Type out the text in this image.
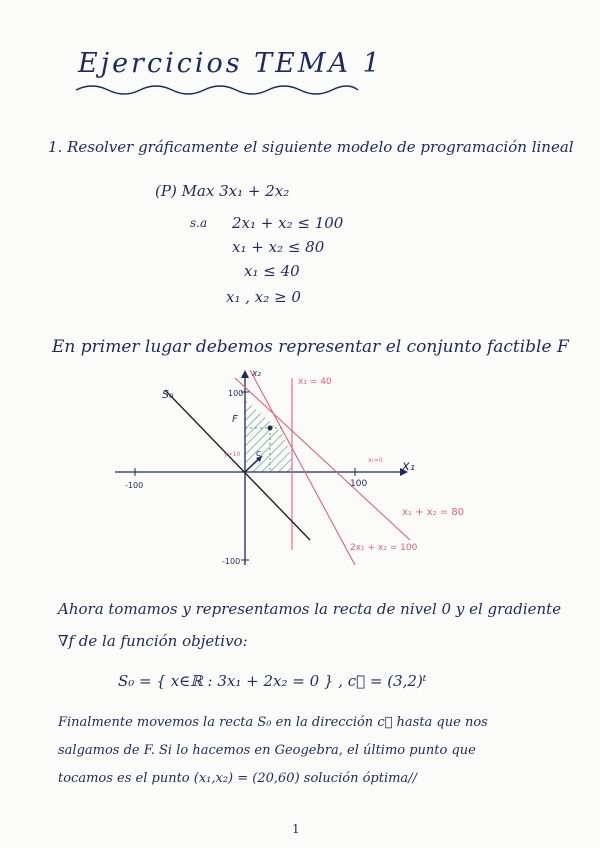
Ejercicios TEMA 1
1. Resolver gráficamente el siguiente modelo de programación lineal
(P) Max 3x₁ + 2x₂
s.a 2x₁ + x₂ ≤ 100
x₁ + x₂ ≤ 80
x₁ ≤ 40
x₁ , x₂ ≥ 0
En primer lugar debemos representar el conjunto factible F
x₁
x₂
100
-100
100
-100
y=10
x₁=0
S₀
F
c
x₁ = 40
x₁ + x₂ = 80
2x₁ + x₂ = 100
Ahora tomamos y representamos la recta de nivel 0 y el gradiente
∇f de la función objetivo:
S₀ = { x∈ℝ : 3x₁ + 2x₂ = 0 } , c⃗ = (3,2)ᵗ
Finalmente movemos la recta S₀ en la dirección c⃗ hasta que nos
salgamos de F. Si lo hacemos en Geogebra, el último punto que
tocamos es el punto (x₁,x₂) = (20,60) solución óptima//
1
